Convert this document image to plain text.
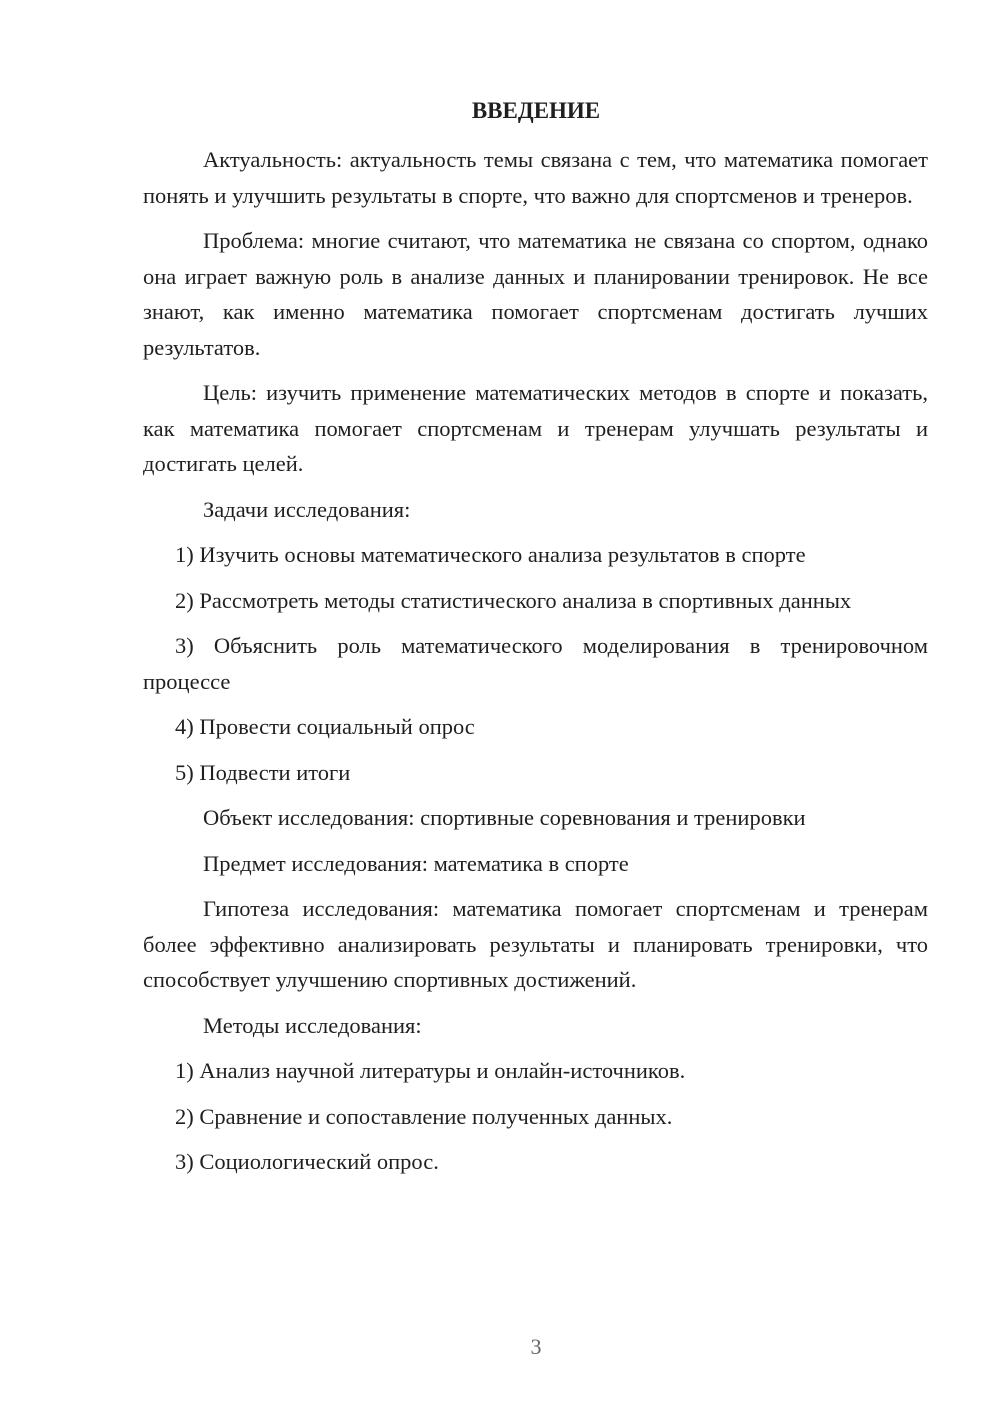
ВВЕДЕНИЕ

Актуальность: актуальность темы связана с тем, что математика помогает понять и улучшить результаты в спорте, что важно для спортсменов и тренеров.

Проблема: многие считают, что математика не связана со спортом, однако она играет важную роль в анализе данных и планировании тренировок. Не все знают, как именно математика помогает спортсменам достигать лучших результатов.

Цель: изучить применение математических методов в спорте и показать, как математика помогает спортсменам и тренерам улучшать результаты и достигать целей.

Задачи исследования:

1) Изучить основы математического анализа результатов в спорте

2) Рассмотреть методы статистического анализа в спортивных данных

3) Объяснить роль математического моделирования в тренировочном процессе

4) Провести социальный опрос

5) Подвести итоги

Объект исследования: спортивные соревнования и тренировки

Предмет исследования: математика в спорте

Гипотеза исследования: математика помогает спортсменам и тренерам более эффективно анализировать результаты и планировать тренировки, что способствует улучшению спортивных достижений.

Методы исследования:

1) Анализ научной литературы и онлайн-источников.

2) Сравнение и сопоставление полученных данных.

3) Социологический опрос.

3
